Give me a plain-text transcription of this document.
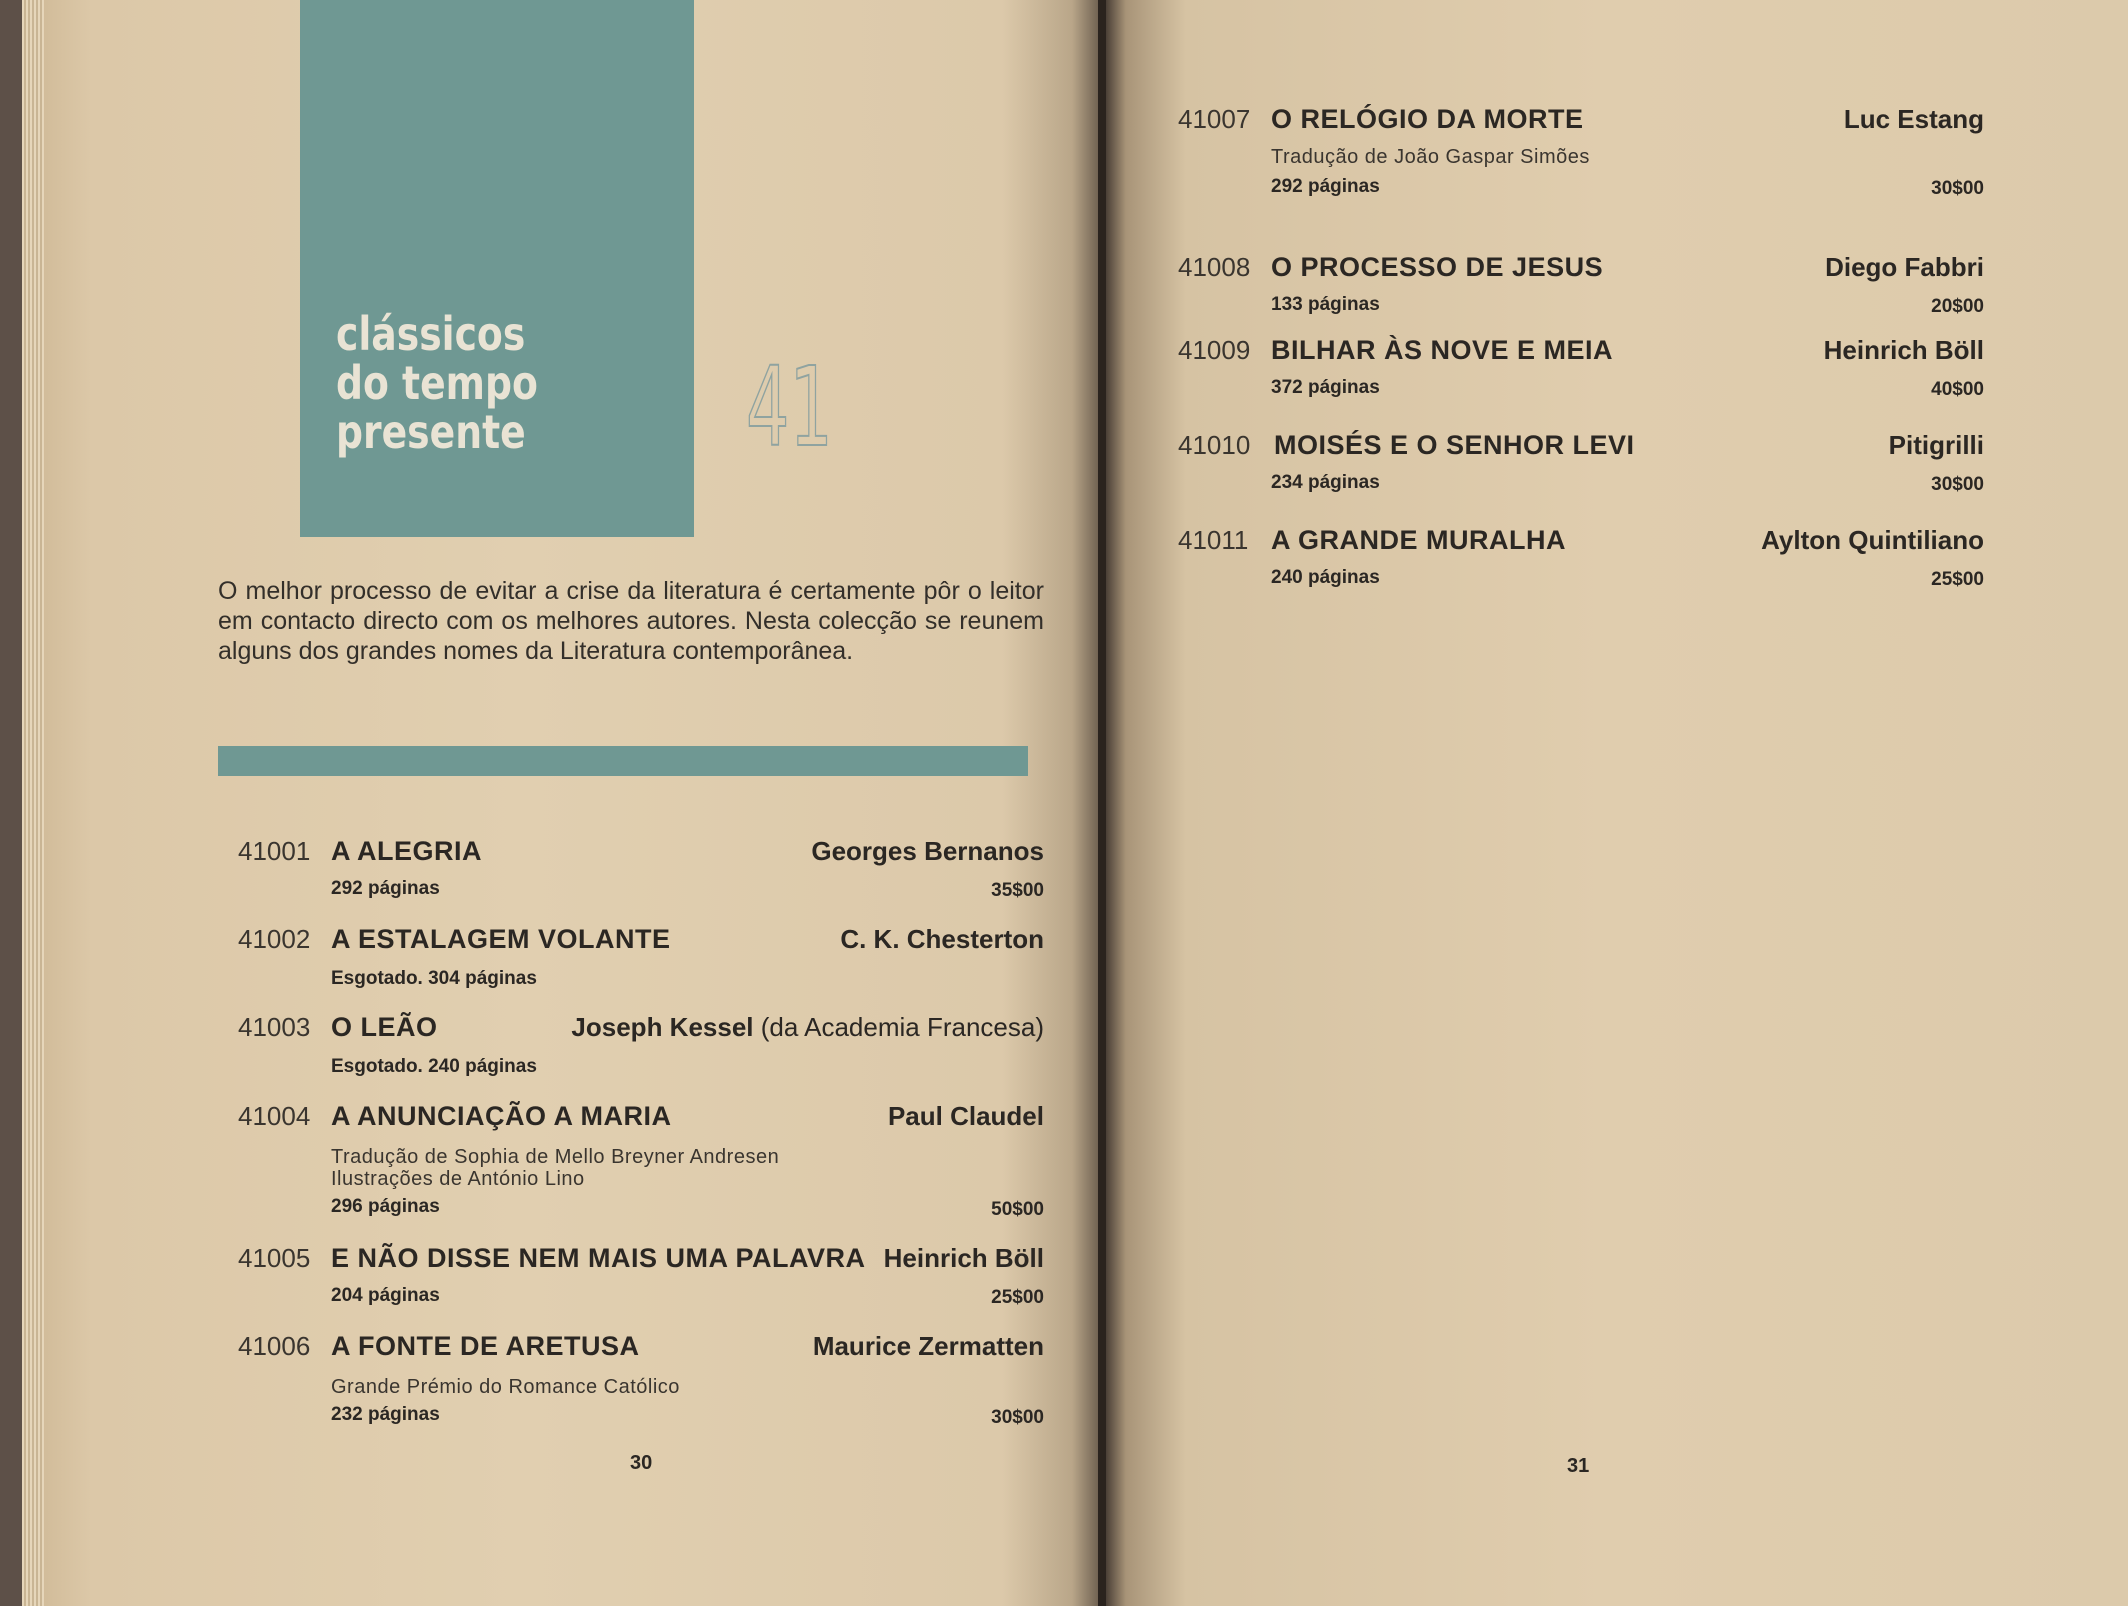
clássicos
do tempo
presente	41
O melhor processo de evitar a crise da literatura é certamente pôr o leitor em contacto directo com os melhores autores. Nesta colecção se reunem alguns dos grandes nomes da Literatura contemporânea.
41001 A ALEGRIA	Georges Bernanos
292 páginas	35$00
41002 A ESTALAGEM VOLANTE	C. K. Chesterton
Esgotado. 304 páginas
41003 O LEÃO	Joseph Kessel (da Academia Francesa)
Esgotado. 240 páginas
41004 A ANUNCIAÇÃO A MARIA	Paul Claudel
Tradução de Sophia de Mello Breyner Andresen
Ilustrações de António Lino
296 páginas	50$00
41005 E NÃO DISSE NEM MAIS UMA PALAVRA Heinrich Böll
204 páginas	25$00
41006 A FONTE DE ARETUSA	Maurice Zermatten
Grande Prémio do Romance Católico
232 páginas	30$00
30
41007 O RELÓGIO DA MORTE	Luc Estang
Tradução de João Gaspar Simões
292 páginas	30$00
41008 O PROCESSO DE JESUS	Diego Fabbri
133 páginas	20$00
41009 BILHAR ÀS NOVE E MEIA	Heinrich Böll
372 páginas	40$00
41010 MOISÉS E O SENHOR LEVI	Pitigrilli
234 páginas	30$00
41011 A GRANDE MURALHA	Aylton Quintiliano
240 páginas	25$00
31
